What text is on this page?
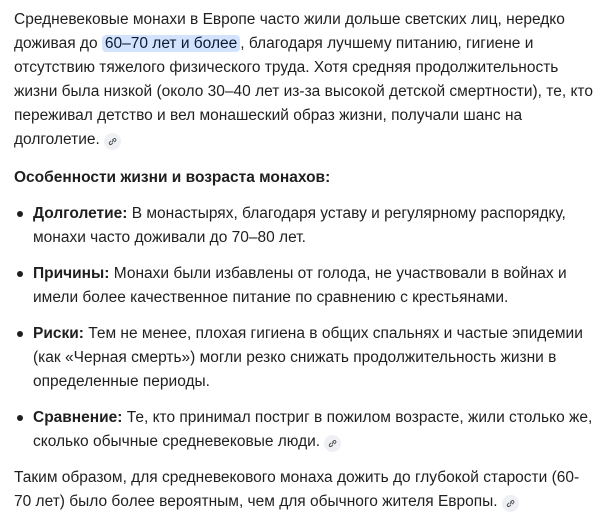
Средневековые монахи в Европе часто жили дольше светских лиц, нередко доживая до 60–70 лет и более , благодаря лучшему питанию, гигиене и отсутствию тяжелого физического труда. Хотя средняя продолжительность жизни была низкой (около 30–40 лет из-за высокой детской смертности), те, кто переживал детство и вел монашеский образ жизни, получали шанс на долголетие.

Особенности жизни и возраста монахов:

Долголетие: В монастырях, благодаря уставу и регулярному распорядку, монахи часто доживали до 70–80 лет.
Причины: Монахи были избавлены от голода, не участвовали в войнах и имели более качественное питание по сравнению с крестьянами.
Риски: Тем не менее, плохая гигиена в общих спальнях и частые эпидемии (как «Черная смерть») могли резко снижать продолжительность жизни в определенные периоды.
Сравнение: Те, кто принимал постриг в пожилом возрасте, жили столько же, сколько обычные средневековые люди.

Таким образом, для средневекового монаха дожить до глубокой старости (60-70 лет) было более вероятным, чем для обычного жителя Европы.
